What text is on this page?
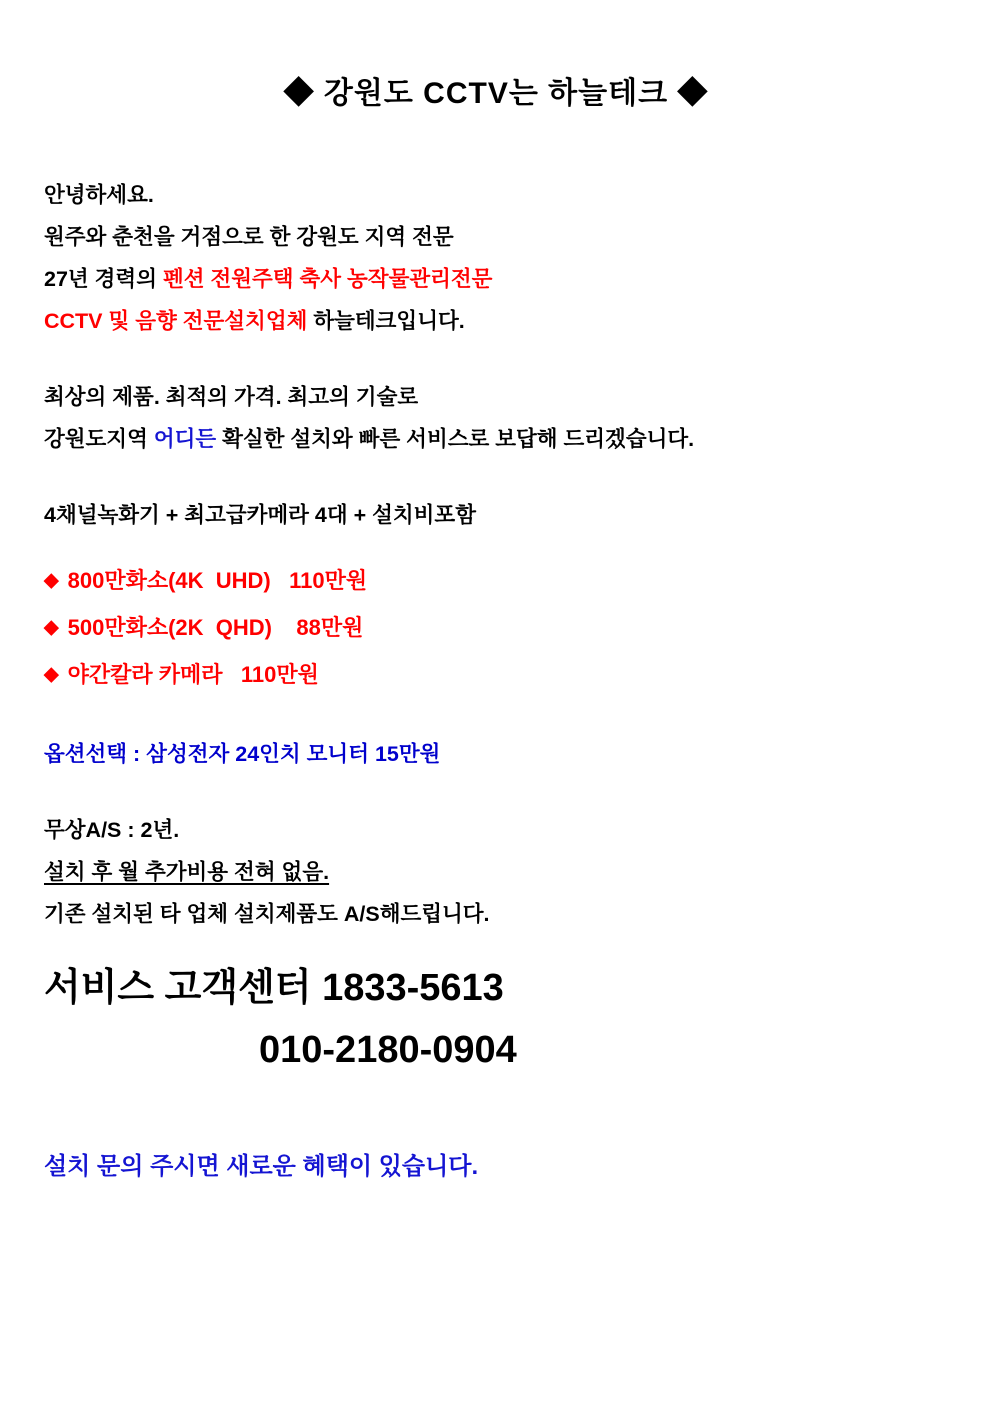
◆ 강원도 CCTV는 하늘테크 ◆
안녕하세요.
원주와 춘천을 거점으로 한 강원도 지역 전문
27년 경력의 펜션 전원주택 축사 농작물관리전문
CCTV 및 음향 전문설치업체 하늘테크입니다.
최상의 제품. 최적의 가격. 최고의 기술로
강원도지역 어디든 확실한 설치와 빠른 서비스로 보답해 드리겠습니다.
4채널녹화기 + 최고급카메라 4대 + 설치비포함
◆ 800만화소(4K  UHD)   110만원
◆ 500만화소(2K  QHD)    88만원
◆ 야간칼라 카메라   110만원
옵션선택 : 삼성전자 24인치 모니터 15만원
무상A/S : 2년.
설치 후 월 추가비용 전혀 없음.
기존 설치된 타 업체 설치제품도 A/S해드립니다.
서비스 고객센터 1833-5613
010-2180-0904
설치 문의 주시면 새로운 혜택이 있습니다.
